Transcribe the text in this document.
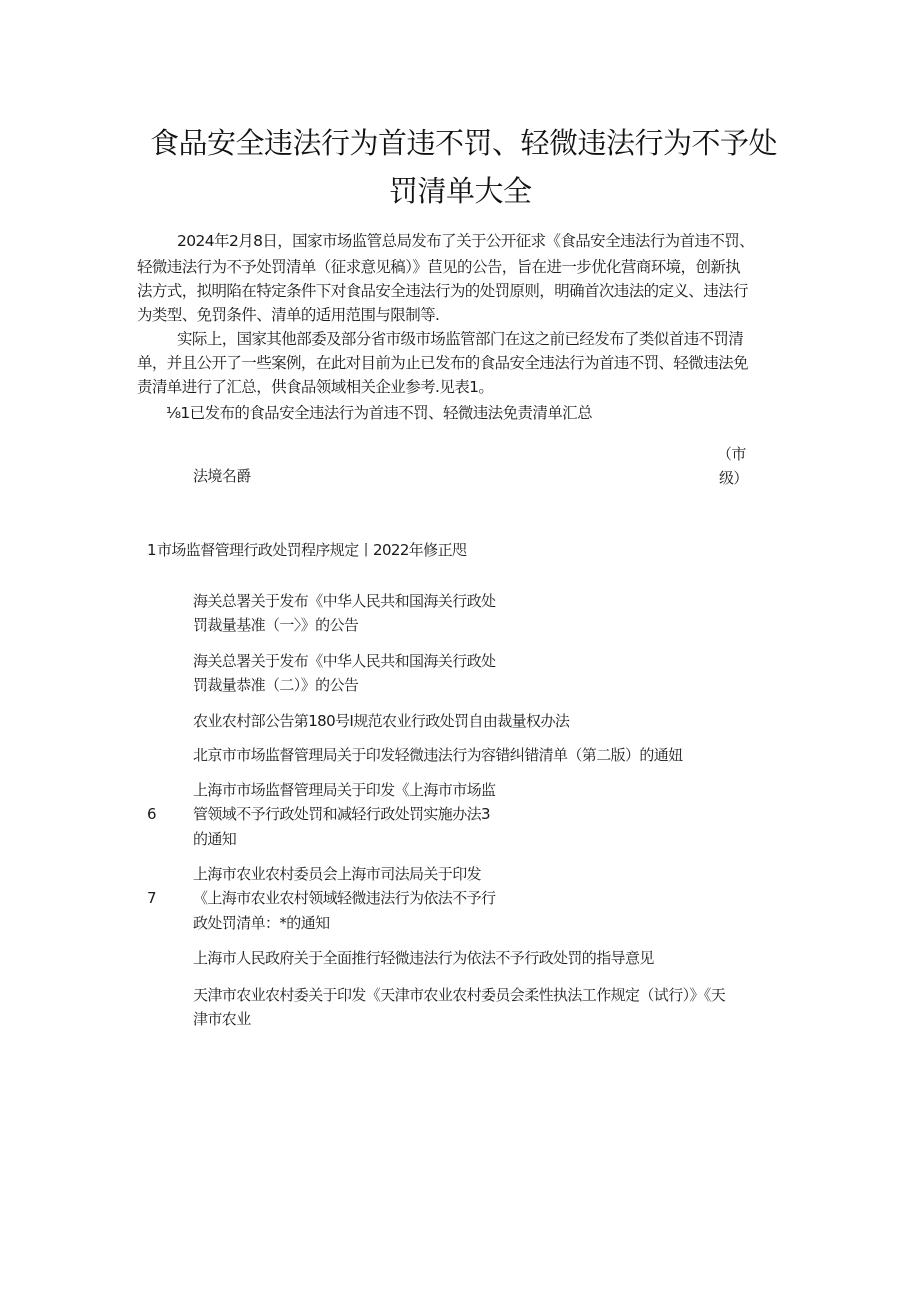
食品安全违法行为首违不罚、轻微违法行为不予处
罚清单大全
2024年2月8日，国家市场监管总局发布了关于公开征求《食品安全违法行为首违不罚、
轻微违法行为不予处罚清单（征求意见稿）》苣见的公告，旨在进一步优化营商环境，创新执
法方式，拟明陷在特定条件下对食品安全违法行为的处罚原则，明确首次违法的定义、违法行
为类型、免罚条件、清单的适用范围与限制等.
实际上，国家其他部委及部分省市级市场监管部门在这之前已经发布了类似首违不罚清
单，并且公开了一些案例，在此对目前为止已发布的食品安全违法行为首违不罚、轻微违法免
责清单进行了汇总，供食品领域相关企业参考.见表1。
⅛1已发布的食品安全违法行为首违不罚、轻微违法免责清单汇总
法境名爵
（市
级）
1 市场监督管理行政处罚程序规定丨2022年修正咫
海关总署关于发布《中华人民共和国海关行政处
罚裁量基准（一〉》的公告
海关总署关于发布《中华人民共和国海关行政处
罚裁量恭准（二）》的公告
农业农村部公告第180号I规范农业行政处罚自由裁量权办法
北京市市场监督管理局关于印发轻微违法行为容错纠错清单（第二版）的通妞
6
上海市市场监督管理局关于印发《上海市市场监
管领域不予行政处罚和减轻行政处罚实施办法3
的通知
7
上海市农业农村委员会上海市司法局关于印发
《上海市农业农村领域轻微违法行为依法不予行
政处罚清单：*的通知
上海市人民政府关于全面推行轻微违法行为依法不予行政处罚的指导意见
天津市农业农村委关于印发《天津市农业农村委员会柔性执法工作规定（试行）》《天
津市农业
